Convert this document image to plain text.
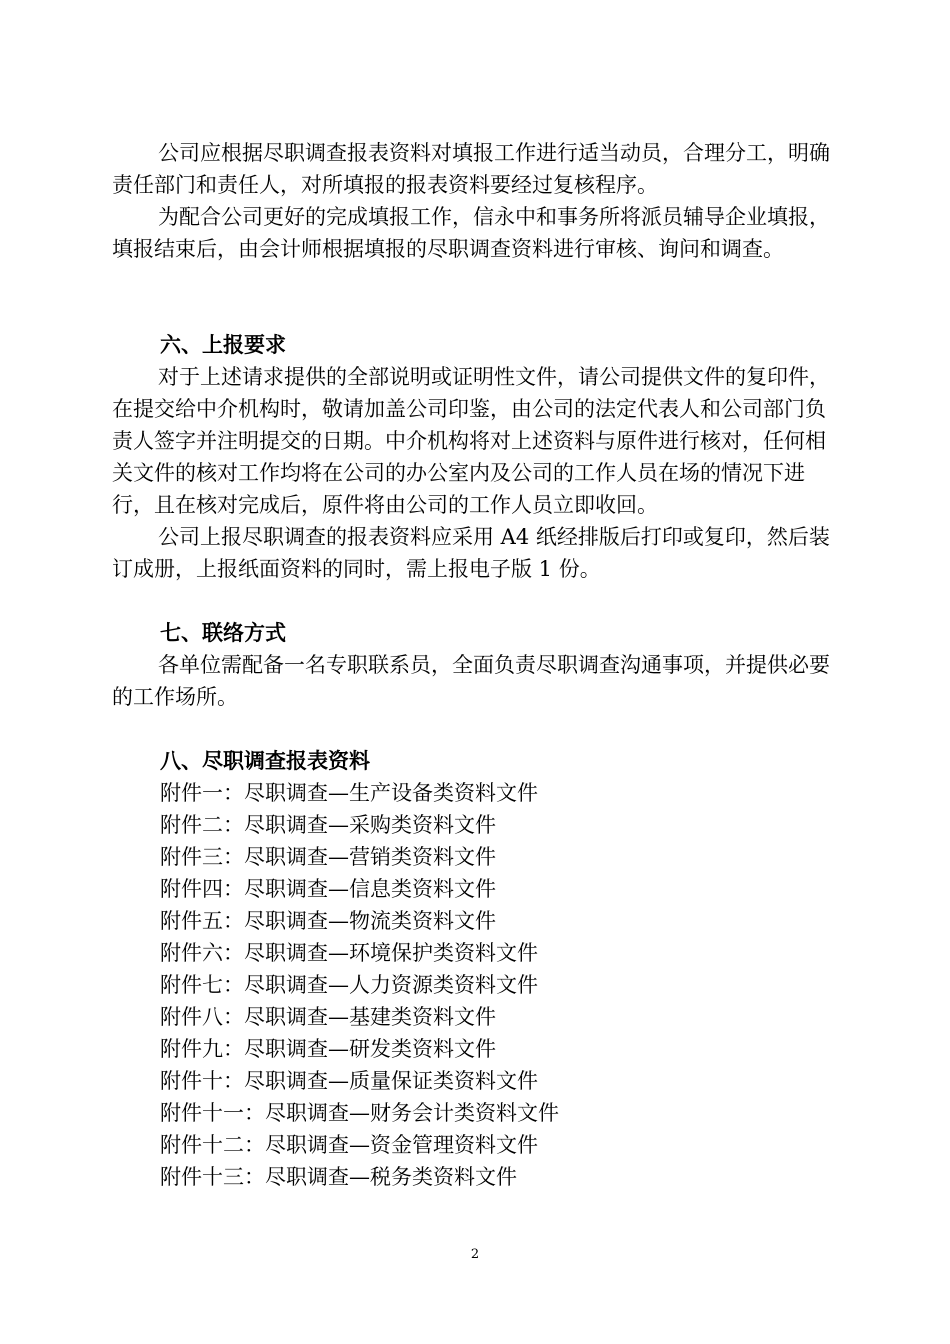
公司应根据尽职调查报表资料对填报工作进行适当动员，合理分工，明确责任部门和责任人，对所填报的报表资料要经过复核程序。
为配合公司更好的完成填报工作，信永中和事务所将派员辅导企业填报，填报结束后，由会计师根据填报的尽职调查资料进行审核、询问和调查。
六、上报要求
对于上述请求提供的全部说明或证明性文件，请公司提供文件的复印件，在提交给中介机构时，敬请加盖公司印鉴，由公司的法定代表人和公司部门负责人签字并注明提交的日期。中介机构将对上述资料与原件进行核对，任何相关文件的核对工作均将在公司的办公室内及公司的工作人员在场的情况下进行，且在核对完成后，原件将由公司的工作人员立即收回。
公司上报尽职调查的报表资料应采用 A4 纸经排版后打印或复印，然后装订成册，上报纸面资料的同时，需上报电子版 1 份。
七、联络方式
各单位需配备一名专职联系员，全面负责尽职调查沟通事项，并提供必要的工作场所。
八、尽职调查报表资料
附件一：尽职调查—生产设备类资料文件
附件二：尽职调查—采购类资料文件
附件三：尽职调查—营销类资料文件
附件四：尽职调查—信息类资料文件
附件五：尽职调查—物流类资料文件
附件六：尽职调查—环境保护类资料文件
附件七：尽职调查—人力资源类资料文件
附件八：尽职调查—基建类资料文件
附件九：尽职调查—研发类资料文件
附件十：尽职调查—质量保证类资料文件
附件十一：尽职调查—财务会计类资料文件
附件十二：尽职调查—资金管理资料文件
附件十三：尽职调查—税务类资料文件
2
